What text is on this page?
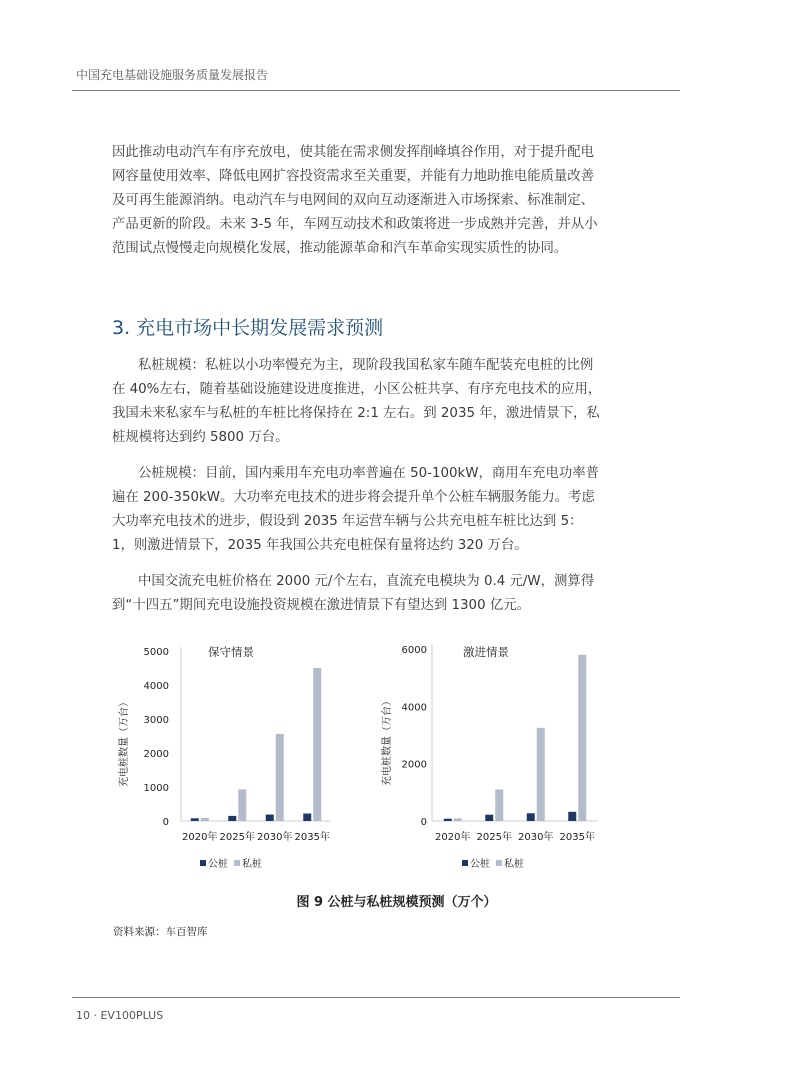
中国充电基础设施服务质量发展报告

因此推动电动汽车有序充放电，使其能在需求侧发挥削峰填谷作用，对于提升配电网容量使用效率、降低电网扩容投资需求至关重要，并能有力地助推电能质量改善及可再生能源消纳。电动汽车与电网间的双向互动逐渐进入市场探索、标准制定、产品更新的阶段。未来 3-5 年，车网互动技术和政策将进一步成熟并完善，并从小范围试点慢慢走向规模化发展，推动能源革命和汽车革命实现实质性的协同。

3. 充电市场中长期发展需求预测

私桩规模：私桩以小功率慢充为主，现阶段我国私家车随车配装充电桩的比例在 40%左右，随着基础设施建设进度推进，小区公桩共享、有序充电技术的应用，我国未来私家车与私桩的车桩比将保持在 2:1 左右。到 2035 年，激进情景下，私桩规模将达到约 5800 万台。

公桩规模：目前，国内乘用车充电功率普遍在 50-100kW，商用车充电功率普遍在 200-350kW。大功率充电技术的进步将会提升单个公桩车辆服务能力。考虑大功率充电技术的进步，假设到 2035 年运营车辆与公共充电桩车桩比达到 5：1，则激进情景下，2035 年我国公共充电桩保有量将达约 320 万台。

中国交流充电桩价格在 2000 元/个左右，直流充电模块为 0.4 元/W，测算得到“十四五”期间充电设施投资规模在激进情景下有望达到 1300 亿元。

保守情景
0
1000
2000
3000
4000
5000
充电桩数量（万台）
2020年 2025年 2030年 2035年
公桩 私桩
激进情景
0
2000
4000
6000
充电桩数量（万台）
2020年 2025年 2030年 2035年
公桩 私桩
图 9 公桩与私桩规模预测（万个）
资料来源：车百智库
10 · EV100PLUS
